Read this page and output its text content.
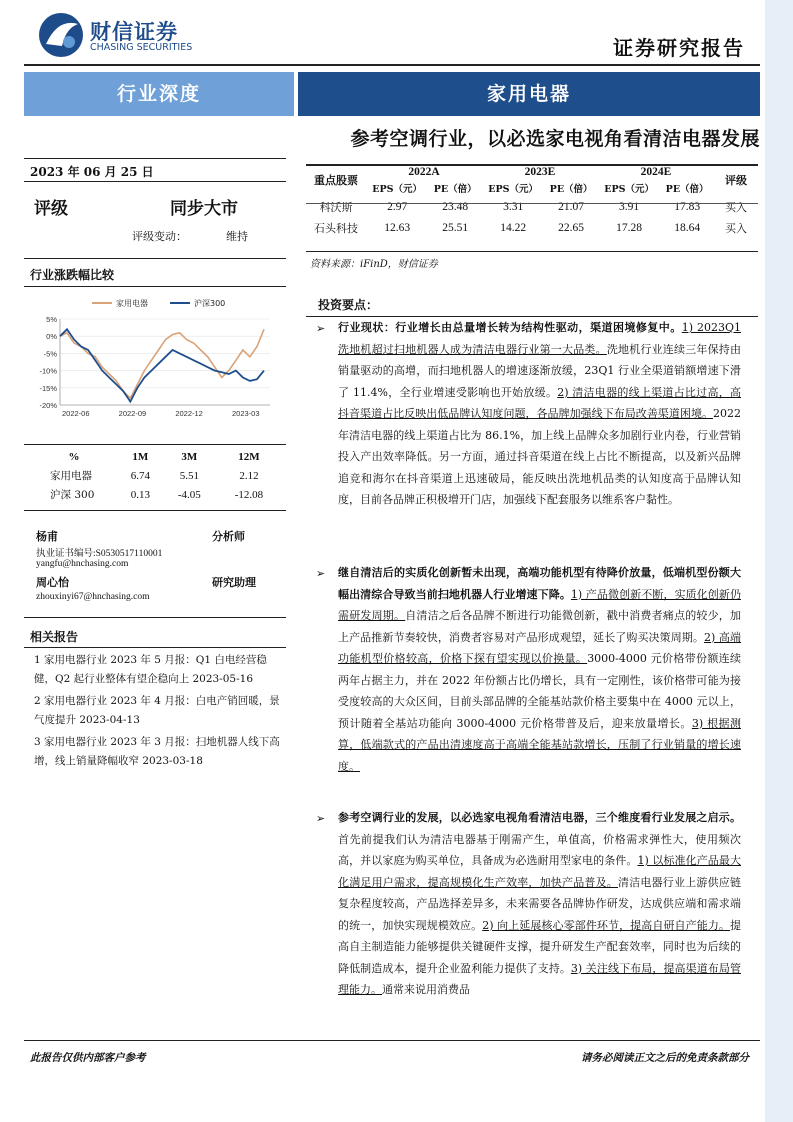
财信证券
CHASING SECURITIES	证券研究报告
行业深度	家用电器
参考空调行业，以必选家电视角看清洁电器发展
2023 年 06 月 25 日
评级	同步大市
评级变动：	维持
行业涨跌幅比较
5%
0%
-5%
-10%
-15%
-20%
2022-06	2022-09	2022-12	2023-03
家用电器	沪深300
%	1M	3M	12M
家用电器	6.74	5.51	2.12
沪深 300	0.13	-4.05	-12.08
杨甫	分析师
执业证书编号:S0530517110001
yangfu@hnchasing.com
周心怡	研究助理
zhouxinyi67@hnchasing.com
相关报告
1 家用电器行业 2023 年 5 月报：Q1 白电经营稳健，Q2 起行业整体有望企稳向上 2023-05-16
2 家用电器行业 2023 年 4 月报：白电产销回暖，景气度提升 2023-04-13
3 家用电器行业 2023 年 3 月报：扫地机器人线下高增，线上销量降幅收窄 2023-03-18
重点股票	2022A		2023E		2024E		评级
	EPS（元）	PE（倍）	EPS（元）	PE（倍）	EPS（元）	PE（倍）	
科沃斯	2.97	23.48	3.31	21.07	3.91	17.83	买入
石头科技	12.63	25.51	14.22	22.65	17.28	18.64	买入
资料来源：iFinD，财信证券
投资要点：
➢ 行业现状：行业增长由总量增长转为结构性驱动，渠道困境修复中。1) 2023Q1 洗地机超过扫地机器人成为清洁电器行业第一大品类。洗地机行业连续三年保持由销量驱动的高增，而扫地机器人的增速逐渐放缓，23Q1 行业全渠道销额增速下滑了 11.4%，全行业增速受影响也开始放缓。2) 清洁电器的线上渠道占比过高，高抖音渠道占比反映出低品牌认知度问题，各品牌加强线下布局改善渠道困境。2022 年清洁电器的线上渠道占比为 86.1%，加上线上品牌众多加剧行业内卷，行业营销投入产出效率降低。另一方面，通过抖音渠道在线上占比不断提高，以及新兴品牌追竞和海尔在抖音渠道上迅速破局，能反映出洗地机品类的认知度高于品牌认知度，目前各品牌正积极增开门店，加强线下配套服务以维系客户黏性。
➢ 继自清洁后的实质化创新暂未出现，高端功能机型有待降价放量，低端机型份额大幅出清综合导致当前扫地机器人行业增速下降。1) 产品微创新不断，实质化创新仍需研发周期。自清洁之后各品牌不断进行功能微创新，戳中消费者痛点的较少，加上产品推新节奏较快，消费者容易对产品形成观望，延长了购买决策周期。2) 高端功能机型价格较高，价格下探有望实现以价换量。3000-4000 元价格带份额连续两年占据主力，并在 2022 年份额占比仍增长，具有一定刚性，该价格带可能为接受度较高的大众区间，目前头部品牌的全能基站款价格主要集中在 4000 元以上，预计随着全基站功能向 3000-4000 元价格带普及后，迎来放量增长。3) 根据测算，低端款式的产品出清速度高于高端全能基站款增长，压制了行业销量的增长速度。
➢ 参考空调行业的发展，以必选家电视角看清洁电器，三个维度看行业发展之启示。首先前提我们认为清洁电器基于刚需产生，单值高，价格需求弹性大，使用频次高，并以家庭为购买单位，具备成为必选耐用型家电的条件。1) 以标准化产品最大化满足用户需求，提高规模化生产效率，加快产品普及。清洁电器行业上游供应链复杂程度较高，产品选择差异多，未来需要各品牌协作研发，达成供应端和需求端的统一，加快实现规模效应。2) 向上延展核心零部件环节，提高自研自产能力。提高自主制造能力能够提供关键硬件支撑，提升研发生产配套效率，同时也为后续的降低制造成本，提升企业盈利能力提供了支持。3) 关注线下布局，提高渠道布局管理能力。通常来说用消费品
此报告仅供内部客户参考	请务必阅读正文之后的免责条款部分
